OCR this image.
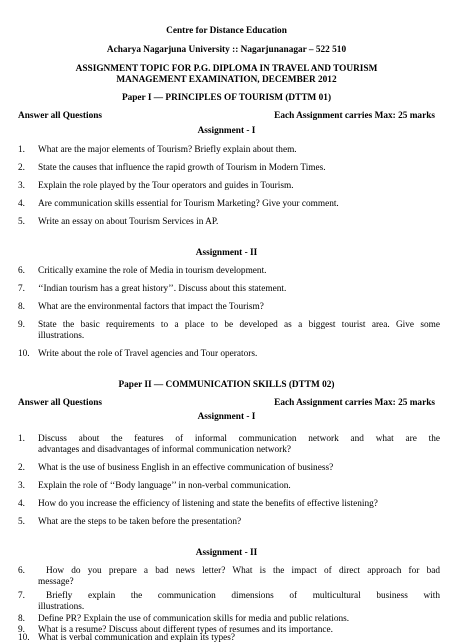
Centre for Distance Education
Acharya Nagarjuna University :: Nagarjunanagar – 522 510
ASSIGNMENT TOPIC FOR P.G. DIPLOMA IN TRAVEL AND TOURISM
MANAGEMENT EXAMINATION, DECEMBER 2012
Paper I — PRINCIPLES OF TOURISM (DTTM 01)
Answer all Questions	Each Assignment carries Max: 25 marks
Assignment - I
1. What are the major elements of Tourism? Briefly explain about them.
2. State the causes that influence the rapid growth of Tourism in Modern Times.
3. Explain the role played by the Tour operators and guides in Tourism.
4. Are communication skills essential for Tourism Marketing? Give your comment.
5. Write an essay on about Tourism Services in AP.
Assignment - II
6. Critically examine the role of Media in tourism development.
7. ‘‘Indian tourism has a great history’’. Discuss about this statement.
8. What are the environmental factors that impact the Tourism?
9. State the basic requirements to a place to be developed as a biggest tourist area. Give some
illustrations.
10. Write about the role of Travel agencies and Tour operators.
Paper II — COMMUNICATION SKILLS (DTTM 02)
Answer all Questions	Each Assignment carries Max: 25 marks
Assignment - I
1. Discuss about the features of informal communication network and what are the
advantages and disadvantages of informal communication network?
2. What is the use of business English in an effective communication of business?
3. Explain the role of ‘‘Body language’’ in non-verbal communication.
4. How do you increase the efficiency of listening and state the benefits of effective listening?
5. What are the steps to be taken before the presentation?
Assignment - II
6. How do you prepare a bad news letter? What is the impact of direct approach for bad
message?
7. Briefly explain the communication dimensions of multicultural business with
illustrations.
8. Define PR? Explain the use of communication skills for media and public relations.
9. What is a resume? Discuss about different types of resumes and its importance.
10. What is verbal communication and explain its types?
